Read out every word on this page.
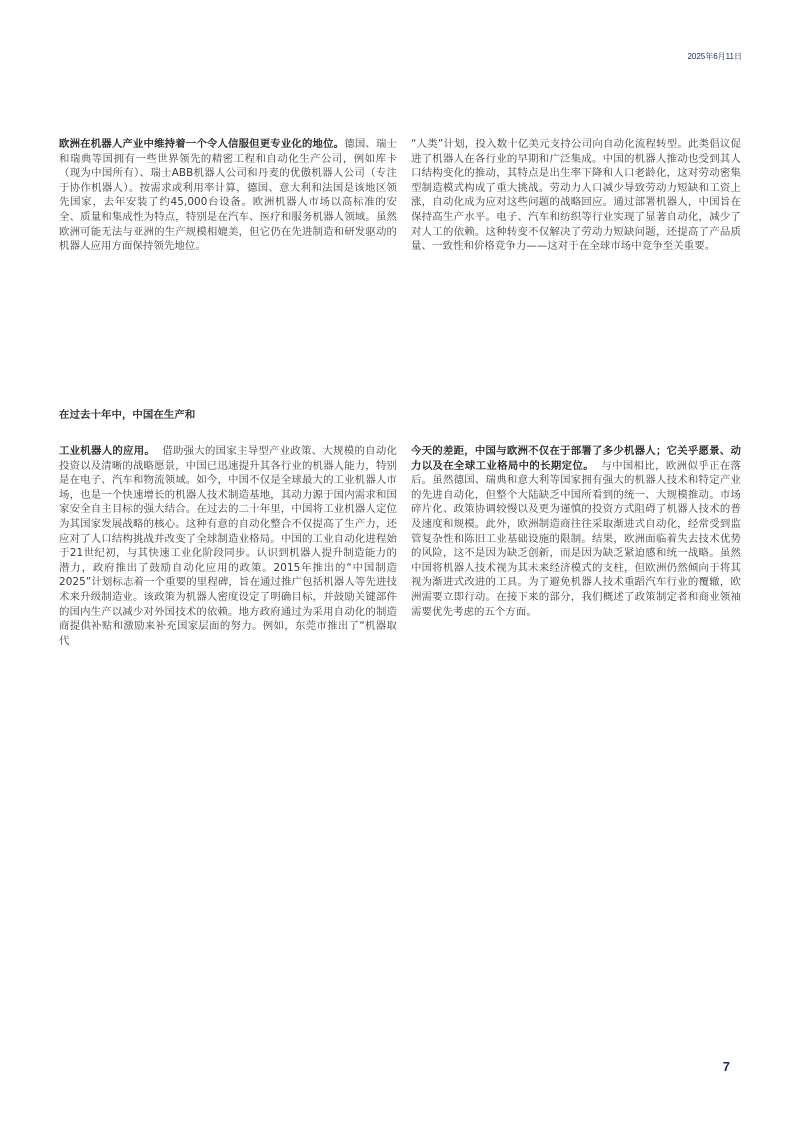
2025年6月11日
欧洲在机器人产业中维持着一个令人信服但更专业化的地位。德国、瑞士和瑞典等国拥有一些世界领先的精密工程和自动化生产公司，例如库卡（现为中国所有）、瑞士ABB机器人公司和丹麦的优傲机器人公司（专注于协作机器人）。按需求或利用率计算，德国、意大利和法国是该地区领先国家，去年安装了约45,000台设备。欧洲机器人市场以高标准的安全、质量和集成性为特点，特别是在汽车、医疗和服务机器人领域。虽然欧洲可能无法与亚洲的生产规模相媲美，但它仍在先进制造和研发驱动的机器人应用方面保持领先地位。
“人类”计划，投入数十亿美元支持公司向自动化流程转型。此类倡议促进了机器人在各行业的早期和广泛集成。中国的机器人推动也受到其人口结构变化的推动，其特点是出生率下降和人口老龄化，这对劳动密集型制造模式构成了重大挑战。劳动力人口减少导致劳动力短缺和工资上涨，自动化成为应对这些问题的战略回应。通过部署机器人，中国旨在保持高生产水平。电子、汽车和纺织等行业实现了显著自动化，减少了对人工的依赖。这种转变不仅解决了劳动力短缺问题，还提高了产品质量、一致性和价格竞争力——这对于在全球市场中竞争至关重要。
在过去十年中，中国在生产和
工业机器人的应用。 借助强大的国家主导型产业政策、大规模的自动化投资以及清晰的战略愿景，中国已迅速提升其各行业的机器人能力，特别是在电子、汽车和物流领域。如今，中国不仅是全球最大的工业机器人市场，也是一个快速增长的机器人技术制造基地，其动力源于国内需求和国家安全自主目标的强大结合。在过去的二十年里，中国将工业机器人定位为其国家发展战略的核心。这种有意的自动化整合不仅提高了生产力，还应对了人口结构挑战并改变了全球制造业格局。中国的工业自动化进程始于21世纪初，与其快速工业化阶段同步。认识到机器人提升制造能力的潜力，政府推出了鼓励自动化应用的政策。2015年推出的“中国制造2025”计划标志着一个重要的里程碑，旨在通过推广包括机器人等先进技术来升级制造业。该政策为机器人密度设定了明确目标，并鼓励关键部件的国内生产以减少对外国技术的依赖。地方政府通过为采用自动化的制造商提供补贴和激励来补充国家层面的努力。例如，东莞市推出了“机器取代
今天的差距，中国与欧洲不仅在于部署了多少机器人；它关乎愿景、动力以及在全球工业格局中的长期定位。 与中国相比，欧洲似乎正在落后。虽然德国、瑞典和意大利等国家拥有强大的机器人技术和特定产业的先进自动化，但整个大陆缺乏中国所看到的统一、大规模推动。市场碎片化、政策协调较慢以及更为谨慎的投资方式阻碍了机器人技术的普及速度和规模。此外，欧洲制造商往往采取渐进式自动化，经常受到监管复杂性和陈旧工业基础设施的限制。结果，欧洲面临着失去技术优势的风险，这不是因为缺乏创新，而是因为缺乏紧迫感和统一战略。虽然中国将机器人技术视为其未来经济模式的支柱，但欧洲仍然倾向于将其视为渐进式改进的工具。为了避免机器人技术重蹈汽车行业的覆辙，欧洲需要立即行动。在接下来的部分，我们概述了政策制定者和商业领袖需要优先考虑的五个方面。
7
